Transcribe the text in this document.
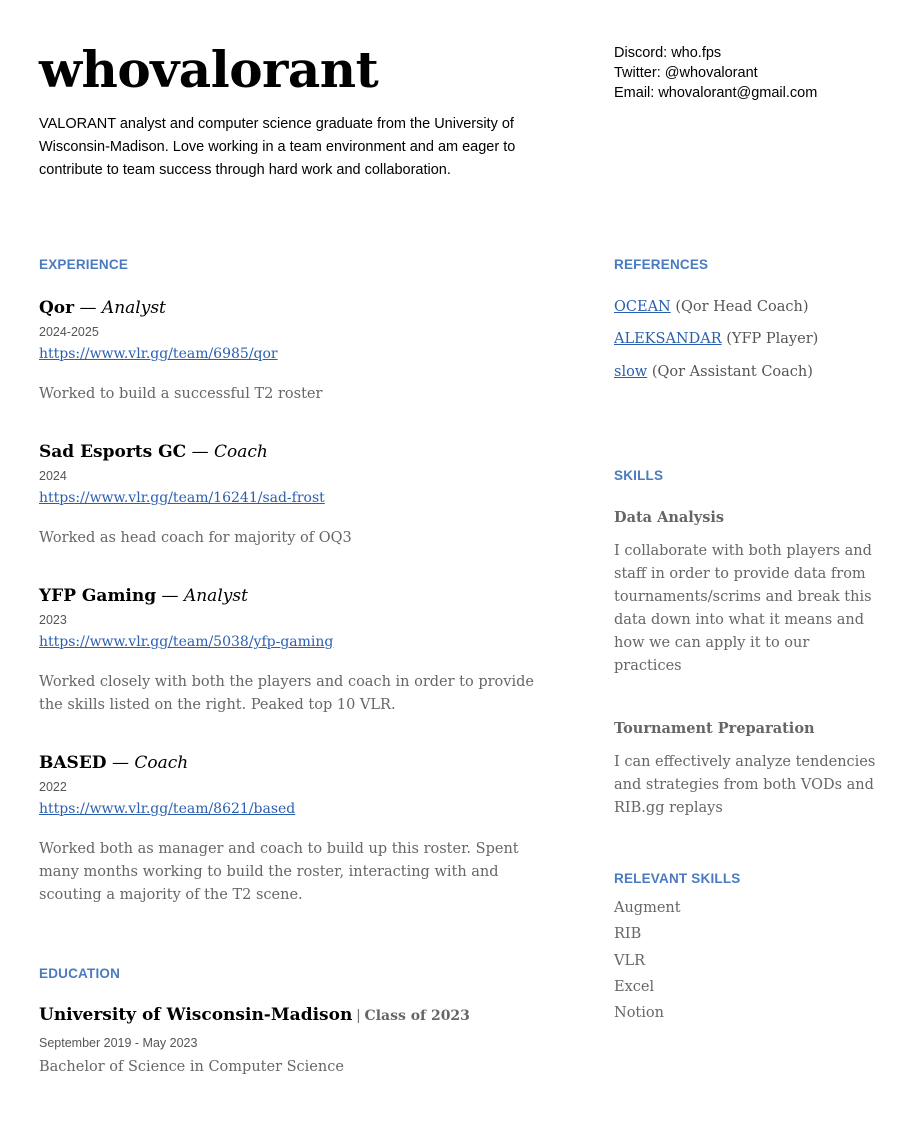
whovalorant
VALORANT analyst and computer science graduate from the University of Wisconsin-Madison. Love working in a team environment and am eager to contribute to team success through hard work and collaboration.
Discord: who.fps
Twitter: @whovalorant
Email: whovalorant@gmail.com
EXPERIENCE
Qor — Analyst
2024-2025
https://www.vlr.gg/team/6985/qor
Worked to build a successful T2 roster
Sad Esports GC — Coach
2024
https://www.vlr.gg/team/16241/sad-frost
Worked as head coach for majority of OQ3
YFP Gaming — Analyst
2023
https://www.vlr.gg/team/5038/yfp-gaming
Worked closely with both the players and coach in order to provide the skills listed on the right. Peaked top 10 VLR.
BASED — Coach
2022
https://www.vlr.gg/team/8621/based
Worked both as manager and coach to build up this roster. Spent many months working to build the roster, interacting with and scouting a majority of the T2 scene.
EDUCATION
University of Wisconsin-Madison | Class of 2023
September 2019 - May 2023
Bachelor of Science in Computer Science
REFERENCES
OCEAN (Qor Head Coach)
ALEKSANDAR (YFP Player)
slow (Qor Assistant Coach)
SKILLS
Data Analysis
I collaborate with both players and staff in order to provide data from tournaments/scrims and break this data down into what it means and how we can apply it to our practices
Tournament Preparation
I can effectively analyze tendencies and strategies from both VODs and RIB.gg replays
RELEVANT SKILLS
Augment
RIB
VLR
Excel
Notion
